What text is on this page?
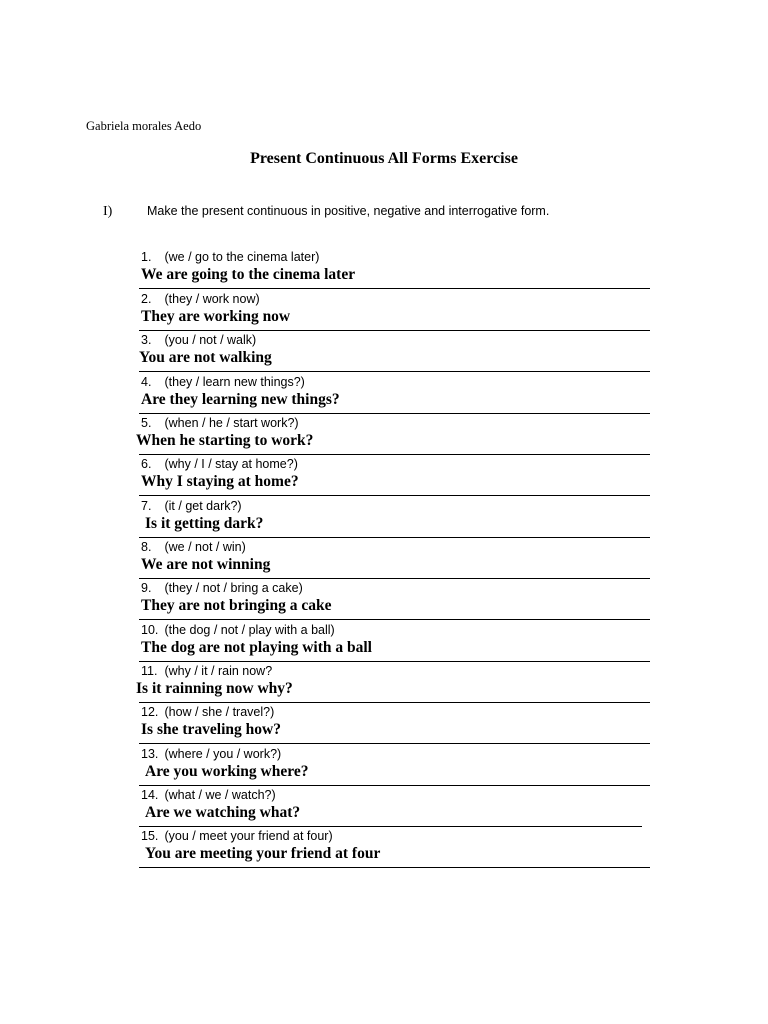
Gabriela morales Aedo
Present Continuous All Forms Exercise
I)	Make the present continuous in positive, negative and interrogative form.
1. (we / go to the cinema later)
We are going to the cinema later
2. (they / work now)
They are working now
3. (you / not / walk)
You are not walking
4. (they / learn new things?)
Are they learning new things?
5. (when / he / start work?)
When he starting to work?
6. (why / I / stay at home?)
Why I staying at home?
7. (it / get dark?)
Is it getting dark?
8. (we / not / win)
We are not winning
9. (they / not / bring a cake)
They are not bringing a cake
10. (the dog / not / play with a ball)
The dog are not playing with a ball
11. (why / it / rain now?
Is it rainning now why?
12. (how / she / travel?)
Is she traveling how?
13. (where / you / work?)
Are you working where?
14. (what / we / watch?)
Are we watching what?
15. (you / meet your friend at four)
You are meeting your friend at four
